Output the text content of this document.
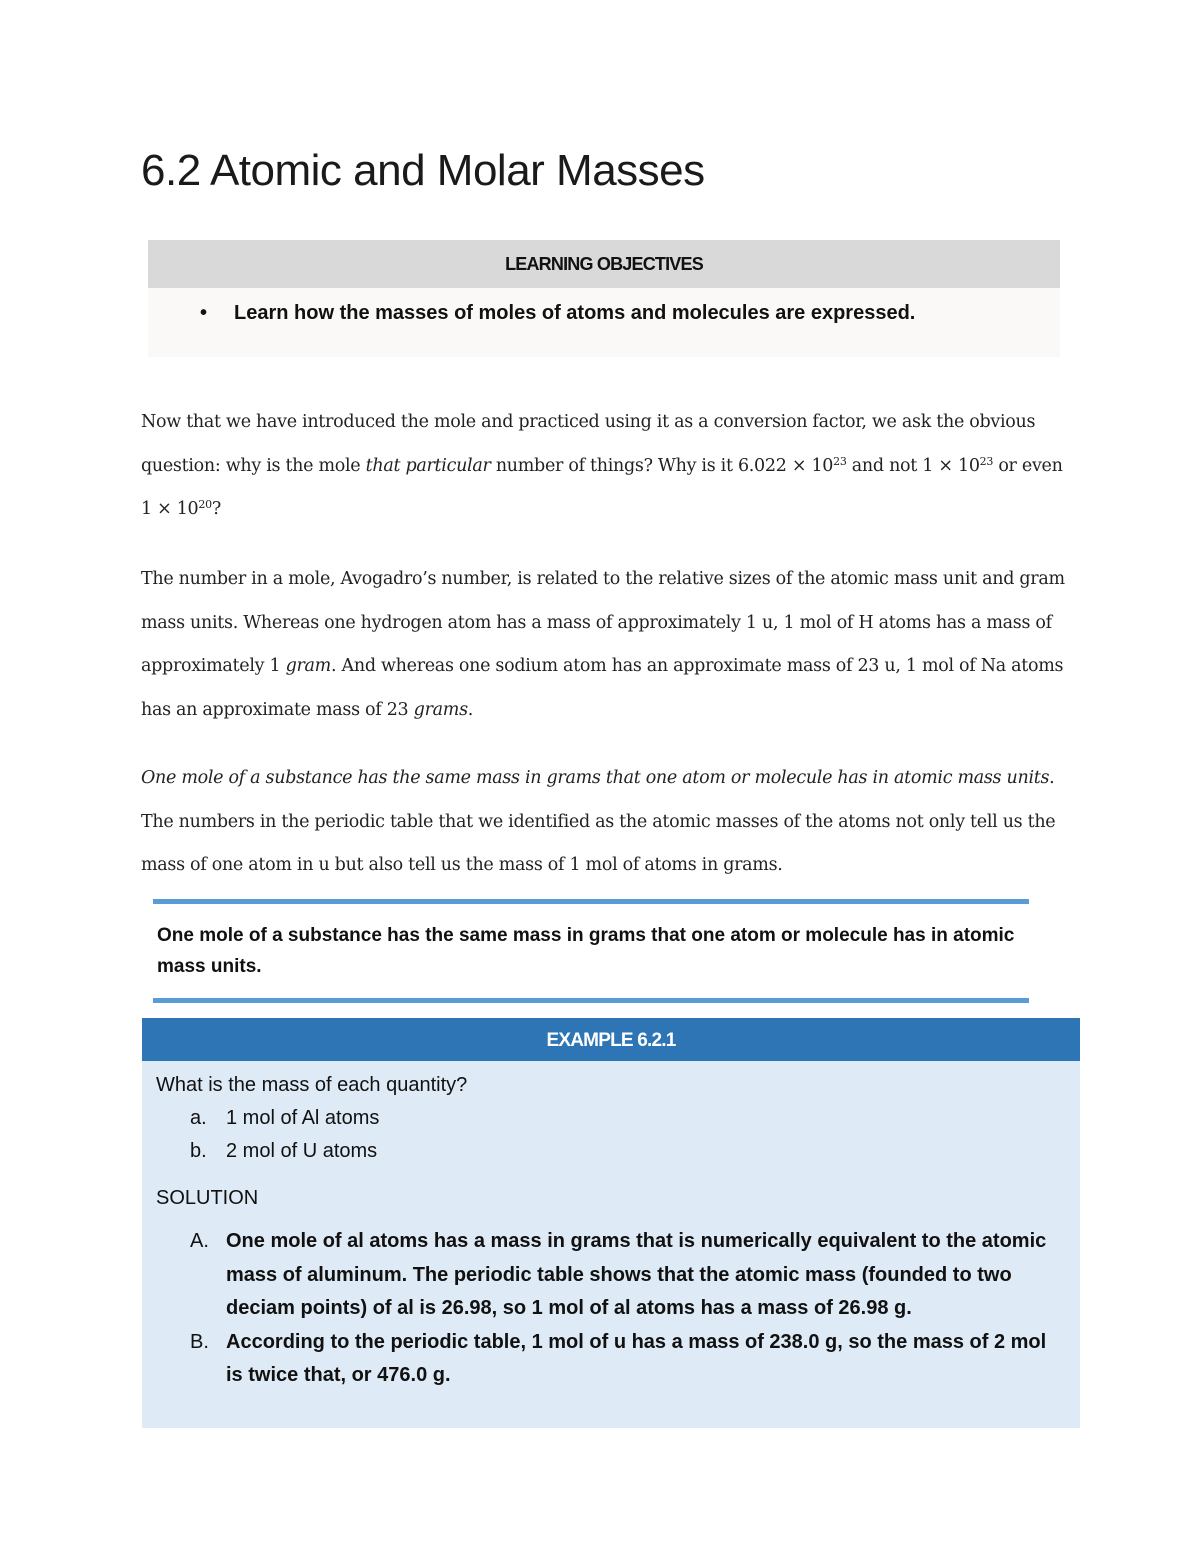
6.2 Atomic and Molar Masses
LEARNING OBJECTIVES
• Learn how the masses of moles of atoms and molecules are expressed.

Now that we have introduced the mole and practiced using it as a conversion factor, we ask the obvious question: why is the mole that particular number of things? Why is it $6.022 \times 10^{23}$ and not $1 \times 10^{23}$ or even $1 \times 10^{20}$?

The number in a mole, Avogadro’s number, is related to the relative sizes of the atomic mass unit and gram mass units. Whereas one hydrogen atom has a mass of approximately 1 u, 1 mol of H atoms has a mass of approximately 1 gram. And whereas one sodium atom has an approximate mass of 23 u, 1 mol of Na atoms has an approximate mass of 23 grams.

One mole of a substance has the same mass in grams that one atom or molecule has in atomic mass units. The numbers in the periodic table that we identified as the atomic masses of the atoms not only tell us the mass of one atom in u but also tell us the mass of 1 mol of atoms in grams.

One mole of a substance has the same mass in grams that one atom or molecule has in atomic mass units.
EXAMPLE 6.2.1
What is the mass of each quantity?
a. 1 mol of Al atoms
b. 2 mol of U atoms
SOLUTION
A. One mole of al atoms has a mass in grams that is numerically equivalent to the atomic mass of aluminum. The periodic table shows that the atomic mass (founded to two deciam points) of al is 26.98, so 1 mol of al atoms has a mass of 26.98 g.
B. According to the periodic table, 1 mol of u has a mass of 238.0 g, so the mass of 2 mol is twice that, or 476.0 g.
